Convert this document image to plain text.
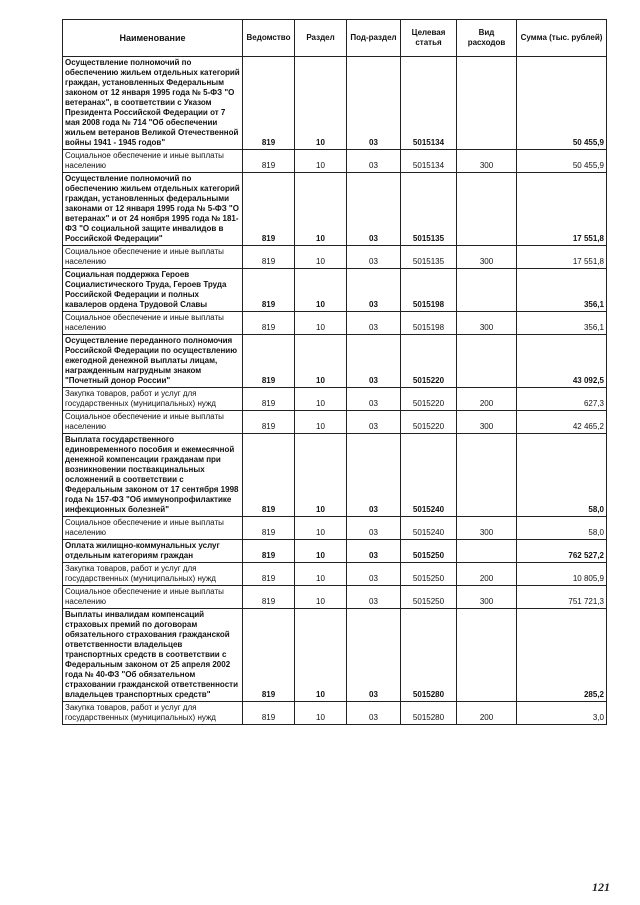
Наименование	Ведомство	Раздел	Под-раздел	Целевая статья	Вид расходов	Сумма (тыс. рублей)
Осуществление полномочий по обеспечению жильем отдельных категорий граждан, установленных Федеральным законом от 12 января 1995 года № 5-ФЗ "О ветеранах", в соответствии с Указом Президента Российской Федерации от 7 мая 2008 года № 714 "Об обеспечении жильем ветеранов Великой Отечественной войны 1941 - 1945 годов"	819	10	03	5015134		50 455,9
Социальное обеспечение и иные выплаты населению	819	10	03	5015134	300	50 455,9
Осуществление полномочий по обеспечению жильем отдельных категорий граждан, установленных федеральными законами от 12 января 1995 года № 5-ФЗ "О ветеранах" и от 24 ноября 1995 года № 181-ФЗ "О социальной защите инвалидов в Российской Федерации"	819	10	03	5015135		17 551,8
Социальное обеспечение и иные выплаты населению	819	10	03	5015135	300	17 551,8
Социальная поддержка Героев Социалистического Труда, Героев Труда Российской Федерации и полных кавалеров ордена Трудовой Славы	819	10	03	5015198		356,1
Социальное обеспечение и иные выплаты населению	819	10	03	5015198	300	356,1
Осуществление переданного полномочия Российской Федерации по осуществлению ежегодной денежной выплаты лицам, награжденным нагрудным знаком "Почетный донор России"	819	10	03	5015220		43 092,5
Закупка товаров, работ и услуг для государственных (муниципальных) нужд	819	10	03	5015220	200	627,3
Социальное обеспечение и иные выплаты населению	819	10	03	5015220	300	42 465,2
Выплата государственного единовременного пособия и ежемесячной денежной компенсации гражданам при возникновении поствакцинальных осложнений в соответствии с Федеральным законом от 17 сентября 1998 года № 157-ФЗ "Об иммунопрофилактике инфекционных болезней"	819	10	03	5015240		58,0
Социальное обеспечение и иные выплаты населению	819	10	03	5015240	300	58,0
Оплата жилищно-коммунальных услуг отдельным категориям граждан	819	10	03	5015250		762 527,2
Закупка товаров, работ и услуг для государственных (муниципальных) нужд	819	10	03	5015250	200	10 805,9
Социальное обеспечение и иные выплаты населению	819	10	03	5015250	300	751 721,3
Выплаты инвалидам компенсаций страховых премий по договорам обязательного страхования гражданской ответственности владельцев транспортных средств в соответствии с Федеральным законом от 25 апреля 2002 года № 40-ФЗ "Об обязательном страховании гражданской ответственности владельцев транспортных средств"	819	10	03	5015280		285,2
Закупка товаров, работ и услуг для государственных (муниципальных) нужд	819	10	03	5015280	200	3,0
121
